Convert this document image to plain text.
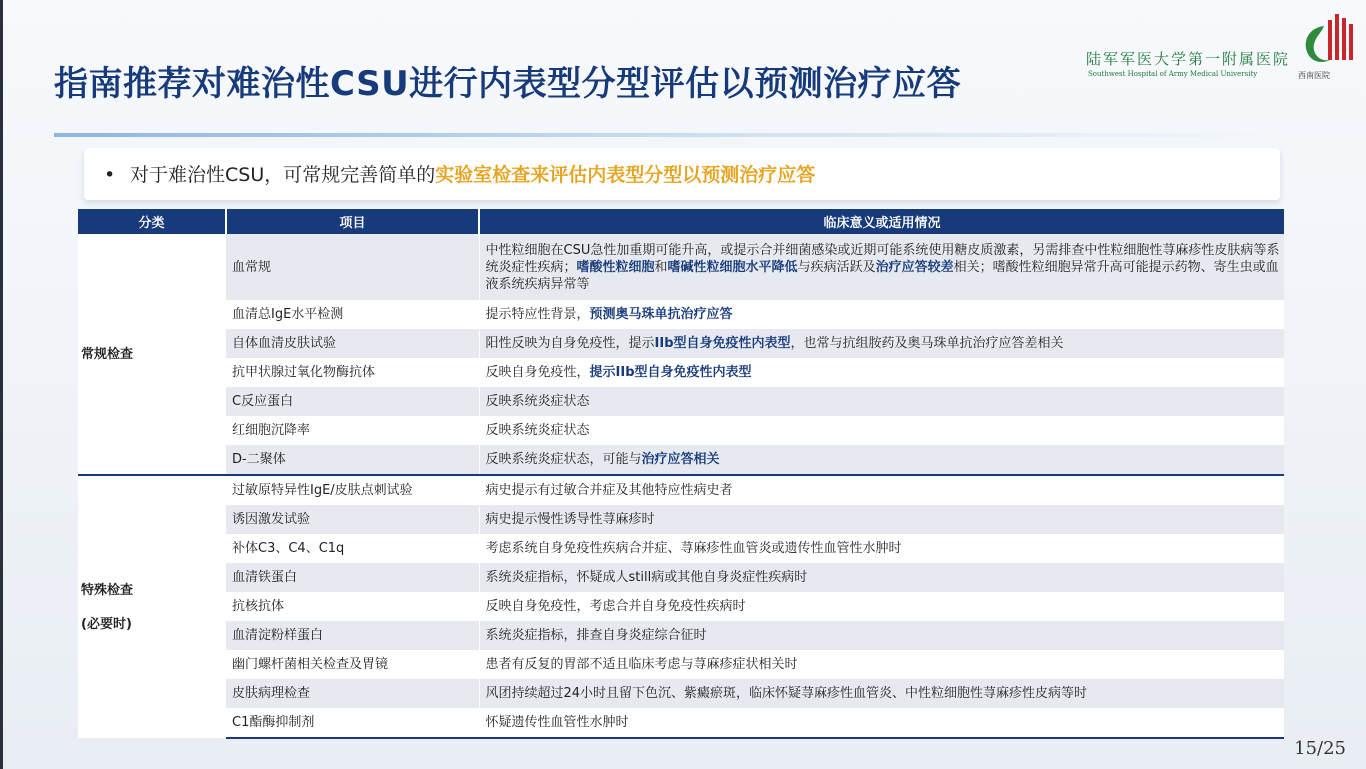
指南推荐对难治性CSU进行内表型分型评估以预测治疗应答
陆军军医大学第一附属医院
Southwest Hospital of Army Medical University	西南医院
• 对于难治性CSU，可常规完善简单的实验室检查来评估内表型分型以预测治疗应答
分类	项目	临床意义或适用情况
常规检查	血常规	中性粒细胞在CSU急性加重期可能升高，或提示合并细菌感染或近期可能系统使用糖皮质激素，另需排查中性粒细胞性荨麻疹性皮肤病等系统炎症性疾病；嗜酸性粒细胞和嗜碱性粒细胞水平降低与疾病活跃及治疗应答较差相关；嗜酸性粒细胞异常升高可能提示药物、寄生虫或血液系统疾病异常等
	血清总IgE水平检测	提示特应性背景，预测奥马珠单抗治疗应答
	自体血清皮肤试验	阳性反映为自身免疫性，提示IIb型自身免疫性内表型，也常与抗组胺药及奥马珠单抗治疗应答差相关
	抗甲状腺过氧化物酶抗体	反映自身免疫性，提示IIb型自身免疫性内表型
	C反应蛋白	反映系统炎症状态
	红细胞沉降率	反映系统炎症状态
	D-二聚体	反映系统炎症状态，可能与治疗应答相关
特殊检查

(必要时)	过敏原特异性IgE/皮肤点刺试验	病史提示有过敏合并症及其他特应性病史者
	诱因激发试验	病史提示慢性诱导性荨麻疹时
	补体C3、C4、C1q	考虑系统自身免疫性疾病合并症、荨麻疹性血管炎或遗传性血管性水肿时
	血清铁蛋白	系统炎症指标，怀疑成人still病或其他自身炎症性疾病时
	抗核抗体	反映自身免疫性，考虑合并自身免疫性疾病时
	血清淀粉样蛋白	系统炎症指标，排查自身炎症综合征时
	幽门螺杆菌相关检查及胃镜	患者有反复的胃部不适且临床考虑与荨麻疹症状相关时
	皮肤病理检查	风团持续超过24小时且留下色沉、紫癜瘀斑，临床怀疑荨麻疹性血管炎、中性粒细胞性荨麻疹性皮病等时
	C1酯酶抑制剂	怀疑遗传性血管性水肿时
15/25
